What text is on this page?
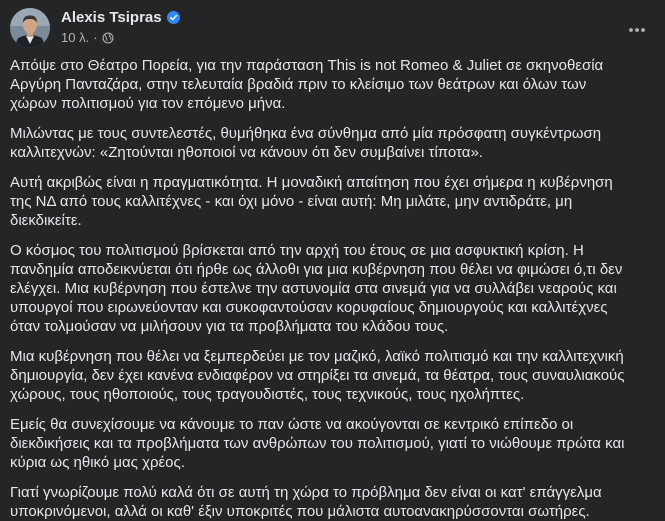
Alexis Tsipras
10 λ. ·

Απόψε στο Θέατρο Πορεία, για την παράσταση This is not Romeo & Juliet σε σκηνοθεσία Αργύρη Πανταζάρα, στην τελευταία βραδιά πριν το κλείσιμο των θεάτρων και όλων των χώρων πολιτισμού για τον επόμενο μήνα.

Μιλώντας με τους συντελεστές, θυμήθηκα ένα σύνθημα από μία πρόσφατη συγκέντρωση καλλιτεχνών: «Ζητούνται ηθοποιοί να κάνουν ότι δεν συμβαίνει τίποτα».

Αυτή ακριβώς είναι η πραγματικότητα. Η μοναδική απαίτηση που έχει σήμερα η κυβέρνηση της ΝΔ από τους καλλιτέχνες - και όχι μόνο - είναι αυτή: Μη μιλάτε, μην αντιδράτε, μη διεκδικείτε.

Ο κόσμος του πολιτισμού βρίσκεται από την αρχή του έτους σε μια ασφυκτική κρίση. Η πανδημία αποδεικνύεται ότι ήρθε ως άλλοθι για μια κυβέρνηση που θέλει να φιμώσει ό,τι δεν ελέγχει. Μια κυβέρνηση που έστελνε την αστυνομία στα σινεμά για να συλλάβει νεαρούς και υπουργοί που ειρωνεύονταν και συκοφαντούσαν κορυφαίους δημιουργούς και καλλιτέχνες όταν τολμούσαν να μιλήσουν για τα προβλήματα του κλάδου τους.

Μια κυβέρνηση που θέλει να ξεμπερδεύει με τον μαζικό, λαϊκό πολιτισμό και την καλλιτεχνική δημιουργία, δεν έχει κανένα ενδιαφέρον να στηρίξει τα σινεμά, τα θέατρα, τους συναυλιακούς χώρους, τους ηθοποιούς, τους τραγουδιστές, τους τεχνικούς, τους ηχολήπτες.

Εμείς θα συνεχίσουμε να κάνουμε το παν ώστε να ακούγονται σε κεντρικό επίπεδο οι διεκδικήσεις και τα προβλήματα των ανθρώπων του πολιτισμού, γιατί το νιώθουμε πρώτα και κύρια ως ηθικό μας χρέος.

Γιατί γνωρίζουμε πολύ καλά ότι σε αυτή τη χώρα το πρόβλημα δεν είναι οι κατ' επάγγελμα υποκρινόμενοι, αλλά οι καθ' έξιν υποκριτές που μάλιστα αυτοανακηρύσσονται σωτήρες.
